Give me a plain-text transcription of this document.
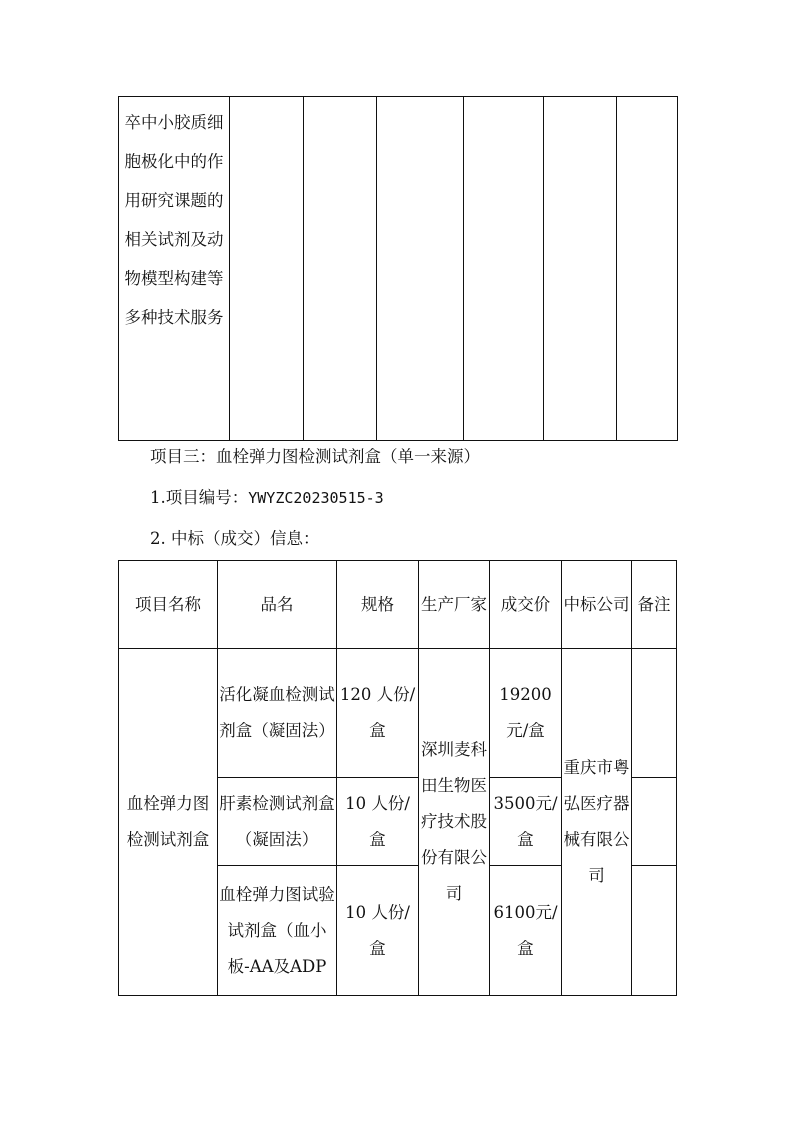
卒中小胶质细胞极化中的作用研究课题的相关试剂及动物模型构建等多种技术服务						
项目三：血栓弹力图检测试剂盒（单一来源）
1.项目编号：YWYZC20230515-3
2. 中标（成交）信息：
项目名称	品名	规格	生产厂家	成交价	中标公司	备注
血栓弹力图检测试剂盒	活化凝血检测试剂盒（凝固法）	120 人份/盒	深圳麦科田生物医疗技术股份有限公司	19200元/盒	重庆市粤弘医疗器械有限公司	
	肝素检测试剂盒（凝固法）	10 人份/盒		3500元/盒		
	血栓弹力图试验试剂盒（血小板-AA及ADP	10 人份/盒		6100元/盒		
